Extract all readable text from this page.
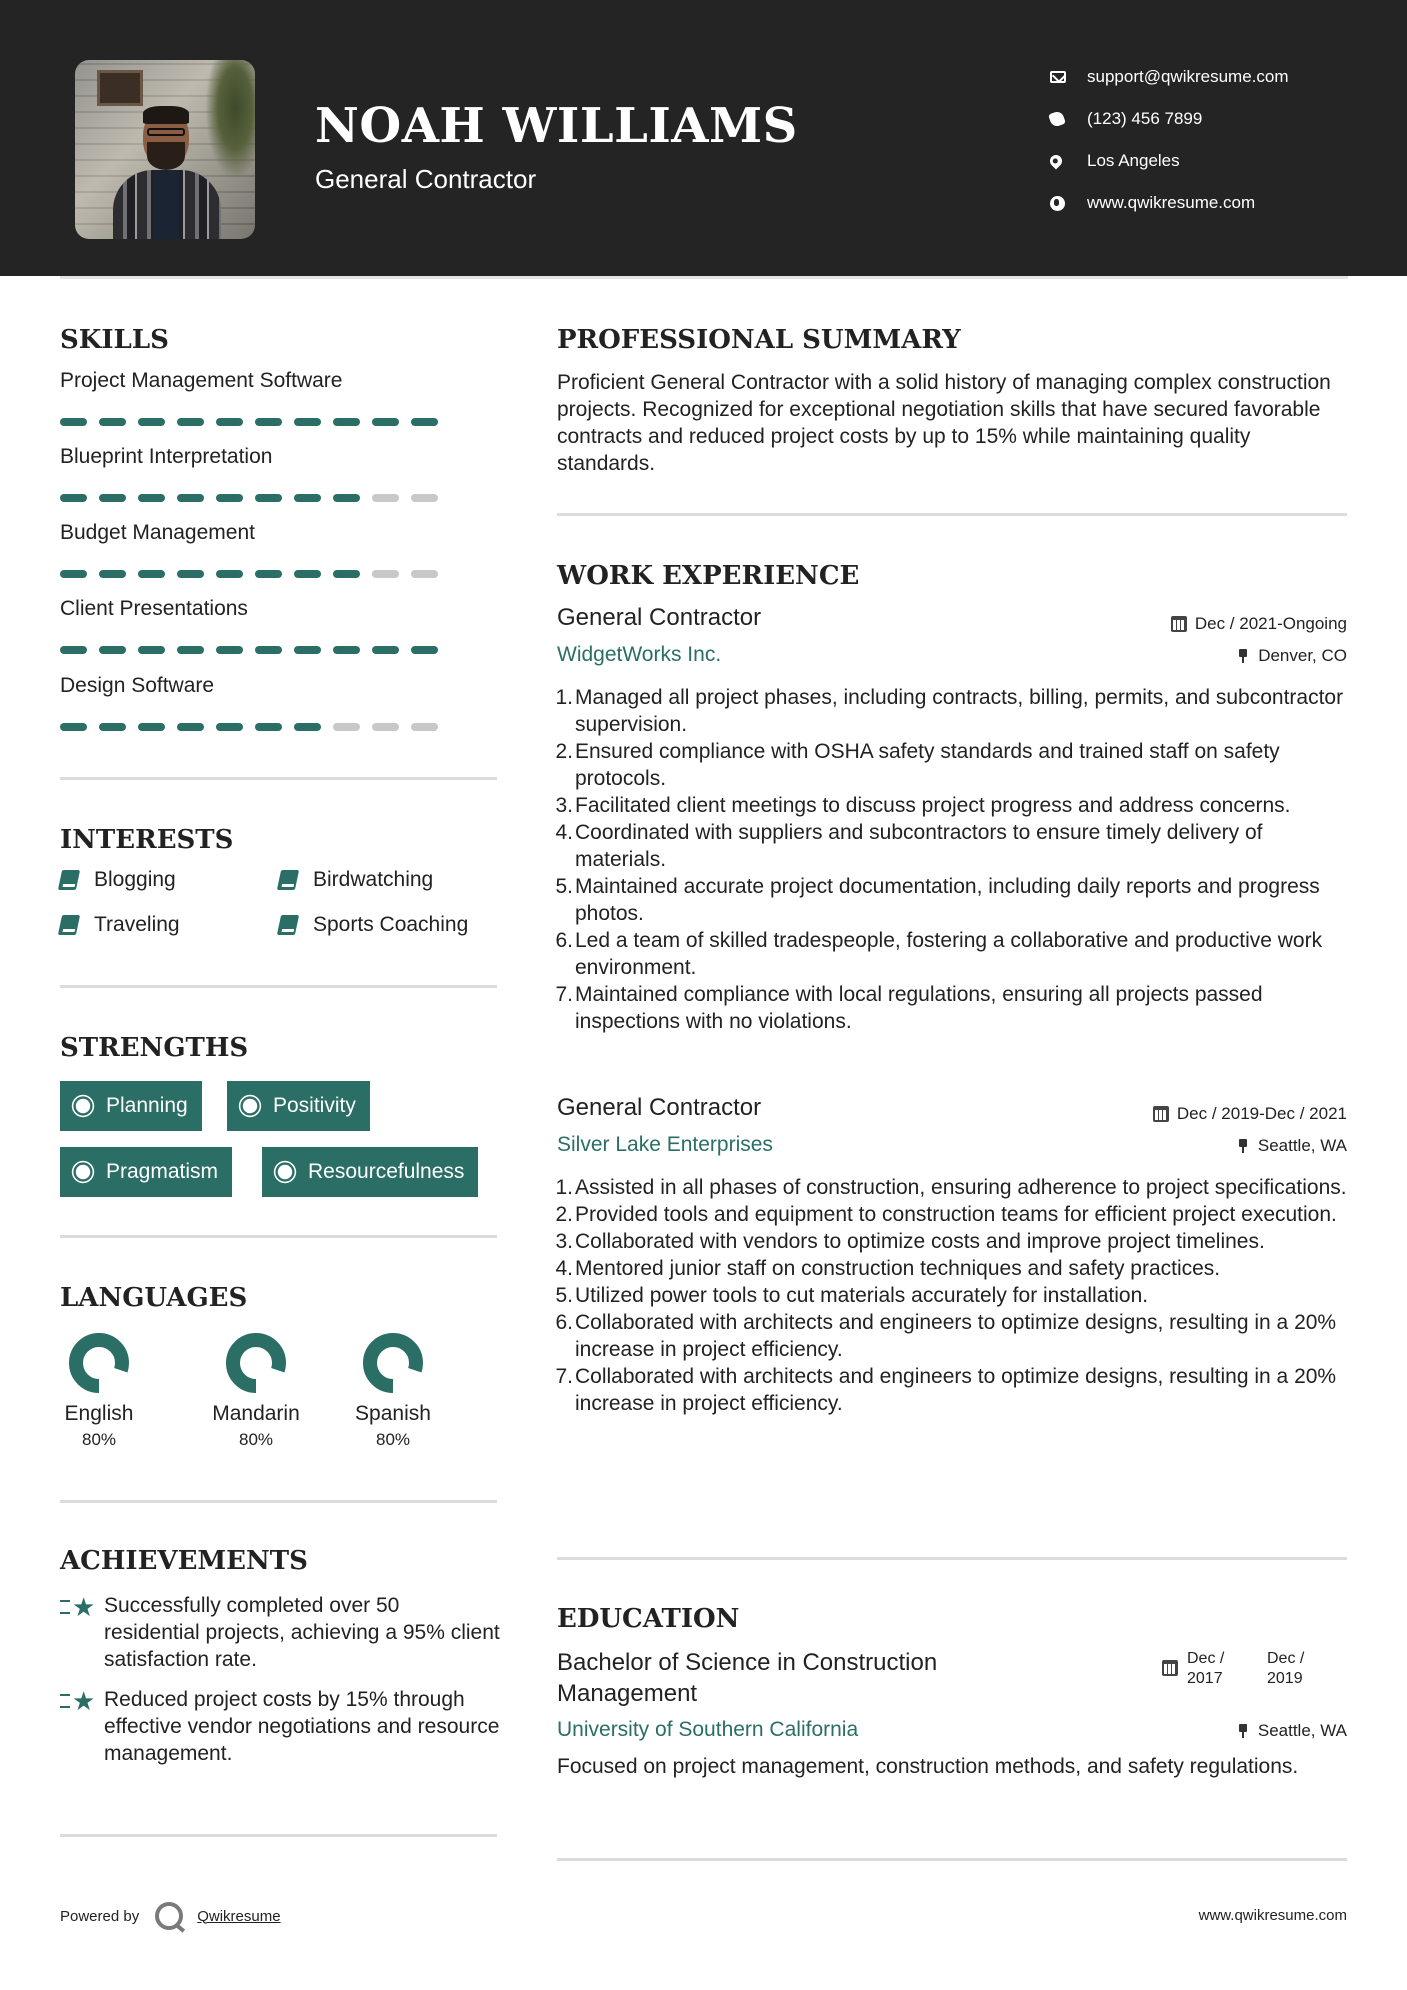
NOAH WILLIAMS
General Contractor
support@qwikresume.com
(123) 456 7899
Los Angeles
www.qwikresume.com
SKILLS
Project Management Software
Blueprint Interpretation
Budget Management
Client Presentations
Design Software
INTERESTS
Blogging	Birdwatching
Traveling	Sports Coaching
STRENGTHS
Planning	Positivity
Pragmatism	Resourcefulness
LANGUAGES
English
80%
Mandarin
80%
Spanish
80%
ACHIEVEMENTS
★ Successfully completed over 50 residential projects, achieving a 95% client satisfaction rate.
★ Reduced project costs by 15% through effective vendor negotiations and resource management.
PROFESSIONAL SUMMARY
Proficient General Contractor with a solid history of managing complex construction projects. Recognized for exceptional negotiation skills that have secured favorable contracts and reduced project costs by up to 15% while maintaining quality standards.
WORK EXPERIENCE
General Contractor	Dec / 2021-Ongoing
WidgetWorks Inc.	Denver, CO
1. Managed all project phases, including contracts, billing, permits, and subcontractor supervision.
2. Ensured compliance with OSHA safety standards and trained staff on safety protocols.
3. Facilitated client meetings to discuss project progress and address concerns.
4. Coordinated with suppliers and subcontractors to ensure timely delivery of materials.
5. Maintained accurate project documentation, including daily reports and progress photos.
6. Led a team of skilled tradespeople, fostering a collaborative and productive work environment.
7. Maintained compliance with local regulations, ensuring all projects passed inspections with no violations.
General Contractor	Dec / 2019-Dec / 2021
Silver Lake Enterprises	Seattle, WA
1. Assisted in all phases of construction, ensuring adherence to project specifications.
2. Provided tools and equipment to construction teams for efficient project execution.
3. Collaborated with vendors to optimize costs and improve project timelines.
4. Mentored junior staff on construction techniques and safety practices.
5. Utilized power tools to cut materials accurately for installation.
6. Collaborated with architects and engineers to optimize designs, resulting in a 20% increase in project efficiency.
7. Collaborated with architects and engineers to optimize designs, resulting in a 20% increase in project efficiency.
EDUCATION
Bachelor of Science in Construction Management
Dec / 2017
Dec / 2019
University of Southern California	Seattle, WA
Focused on project management, construction methods, and safety regulations.
Powered by	Qwikresume	www.qwikresume.com
